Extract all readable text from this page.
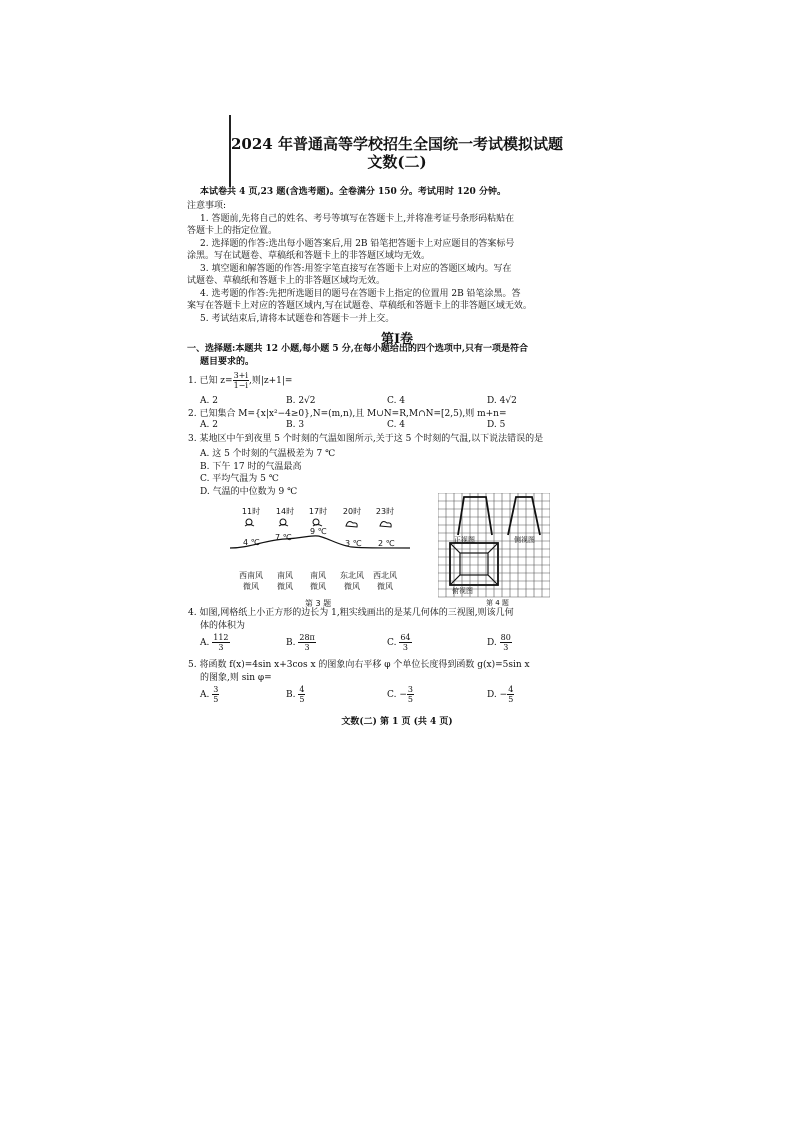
2024 年普通高等学校招生全国统一考试模拟试题
文数(二)
本试卷共 4 页,23 题(含选考题)。全卷满分 150 分。考试用时 120 分钟。
注意事项:
1. 答题前,先将自己的姓名、考号等填写在答题卡上,并将准考证号条形码粘贴在
答题卡上的指定位置。
2. 选择题的作答:选出每小题答案后,用 2B 铅笔把答题卡上对应题目的答案标号
涂黑。写在试题卷、草稿纸和答题卡上的非答题区域均无效。
3. 填空题和解答题的作答:用签字笔直接写在答题卡上对应的答题区域内。写在
试题卷、草稿纸和答题卡上的非答题区域均无效。
4. 选考题的作答:先把所选题目的题号在答题卡上指定的位置用 2B 铅笔涂黑。答
案写在答题卡上对应的答题区域内,写在试题卷、草稿纸和答题卡上的非答题区域无效。
5. 考试结束后,请将本试题卷和答题卡一并上交。
第Ⅰ卷
一、选择题:本题共 12 小题,每小题 5 分,在每小题给出的四个选项中,只有一项是符合
题目要求的。
1. 已知 $z= \frac{3+i}{1-i}$ ,则|z+1|=
A. 2	B. 2√2	C. 4	D. 4√2
2. 已知集合 M={x|x²−4≥0},N=(m,n),且 M∪N=R,M∩N=[2,5),则 m+n=
A. 2	B. 3	C. 4	D. 5
3. 某地区中午到夜里 5 个时刻的气温如图所示,关于这 5 个时刻的气温,以下说法错误的是
A. 这 5 个时刻的气温极差为 7 ℃
B. 下午 17 时的气温最高
C. 平均气温为 5 ℃
D. 气温的中位数为 9 ℃
11时 14时 17时 20时 23时
4 ℃
7 ℃
9 ℃
3 ℃ 2 ℃
西南风
微风
南风
微风
南风
微风
东北风
微风
西北风
微风
第 3 题
正视图	侧视图
俯视图
第 4 题
4. 如图,网格纸上小正方形的边长为 1,粗实线画出的是某几何体的三视图,则该几何
体的体积为
A. $\frac{112}{3}$	B. $\frac{28\pi}{3}$	C. $\frac{64}{3}$	D. $\frac{80}{3}$
5. 将函数 f(x)=4sin x+3cos x 的图象向右平移 φ 个单位长度得到函数 g(x)=5sin x
的图象,则 sin φ=
A. $\frac{3}{5}$	B. $\frac{4}{5}$	C. − $\frac{3}{5}$	D. − $\frac{4}{5}$
文数(二) 第 1 页 (共 4 页)
